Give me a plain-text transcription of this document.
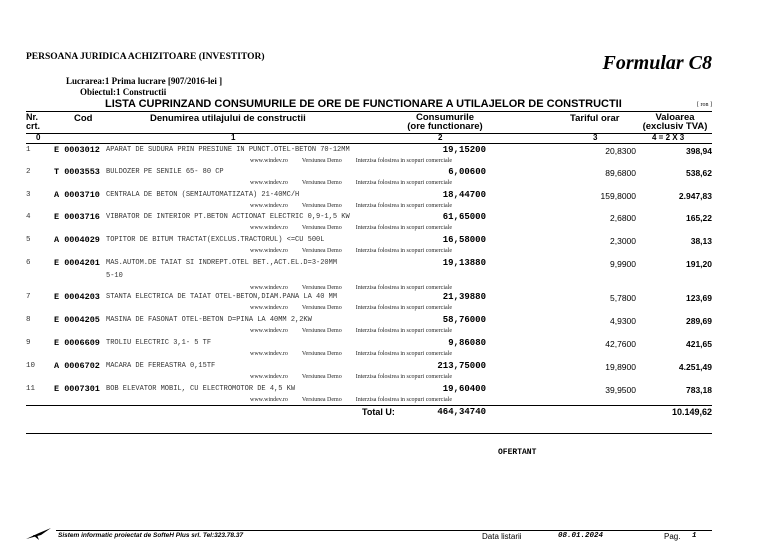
PERSOANA JURIDICA ACHIZITOARE (INVESTITOR)	Formular C8
Lucrarea:1 Prima lucrare [907/2016-lei ]
Obiectul:1 Constructii
LISTA CUPRINZAND CONSUMURILE DE ORE DE FUNCTIONARE A UTILAJELOR DE CONSTRUCTII	[ ron ]
Nr.
crt.
Cod	Denumirea utilajului de constructii	Consumurile
(ore functionare)
Tariful orar	Valoarea
(exclusiv TVA)
0	1	2	3	4 = 2 X 3
1	E 0003012 APARAT DE SUDURA PRIN PRESIUNE IN PUNCT.OTEL-BETON 70-12MM	19,15200	20,8300	398,94
www.windev.ro Versiunea Demo Interzisa folosirea in scopuri comerciale
2	T 0003553 BULDOZER PE SENILE 65- 80 CP	6,00600	89,6800	538,62
www.windev.ro Versiunea Demo Interzisa folosirea in scopuri comerciale
3	A 0003710 CENTRALA DE BETON (SEMIAUTOMATIZATA) 21-40MC/H	18,44700	159,8000	2.947,83
www.windev.ro Versiunea Demo Interzisa folosirea in scopuri comerciale
4	E 0003716 VIBRATOR DE INTERIOR PT.BETON ACTIONAT ELECTRIC 0,9-1,5 KW	61,65000	2,6800	165,22
www.windev.ro Versiunea Demo Interzisa folosirea in scopuri comerciale
5	A 0004029 TOPITOR DE BITUM TRACTAT(EXCLUS.TRACTORUL) <=CU 500L	16,58000	2,3000	38,13
www.windev.ro Versiunea Demo Interzisa folosirea in scopuri comerciale
6	E 0004201 MAS.AUTOM.DE TAIAT SI INDREPT.OTEL BET.,ACT.EL.D=3-20MM
5-10
19,13880	9,9900	191,20
www.windev.ro Versiunea Demo Interzisa folosirea in scopuri comerciale
7	E 0004203 STANTA ELECTRICA DE TAIAT OTEL-BETON,DIAM.PANA LA 40 MM	21,39880	5,7800	123,69
www.windev.ro Versiunea Demo Interzisa folosirea in scopuri comerciale
8	E 0004205 MASINA DE FASONAT OTEL-BETON D=PINA LA 40MM 2,2KW	58,76000	4,9300	289,69
www.windev.ro Versiunea Demo Interzisa folosirea in scopuri comerciale
9	E 0006609 TROLIU ELECTRIC 3,1- 5 TF	9,86080	42,7600	421,65
www.windev.ro Versiunea Demo Interzisa folosirea in scopuri comerciale
10 A 0006702 MACARA DE FEREASTRA 0,15TF	213,75000	19,8900	4.251,49
www.windev.ro Versiunea Demo Interzisa folosirea in scopuri comerciale
11 E 0007301 BOB ELEVATOR MOBIL, CU ELECTROMOTOR DE 4,5 KW	19,60400	39,9500	783,18
www.windev.ro Versiunea Demo Interzisa folosirea in scopuri comerciale
Total U:	464,34740	10.149,62
OFERTANT
Sistem informatic proiectat de SofteH Plus srl. Tel:323.78.37	Data listarii	08.01.2024	Pag. 1
